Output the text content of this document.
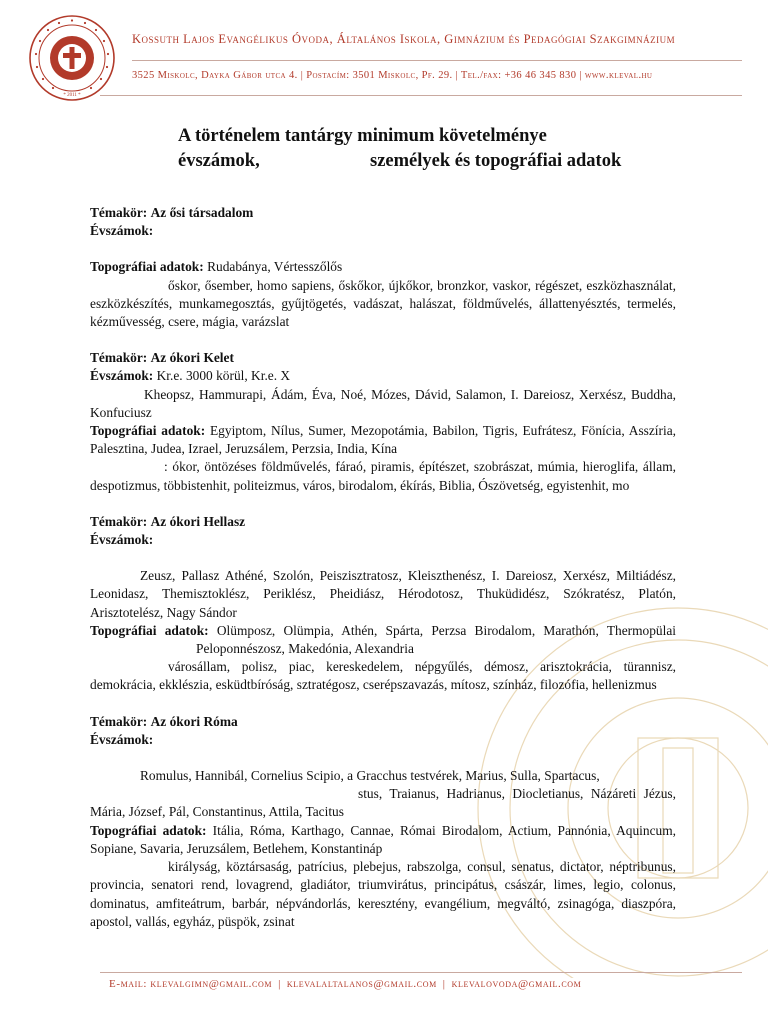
* 2011 *
Kossuth Lajos Evangélikus Óvoda, Általános Iskola, Gimnázium és Pedagógiai Szakgimnázium
3525 Miskolc, Dayka Gábor utca 4. | Postacím: 3501 Miskolc, Pf. 29. | Tel./fax: +36 46 345 830 | www.kleval.hu
A történelem tantárgy minimum követelménye
évszámok,	személyek és topográfiai adatok

Témakör: Az ősi társadalom

Évszámok:

Topográfiai adatok: Rudabánya, Vértesszőlős

őskor, ősember, homo sapiens, őskőkor, újkőkor, bronzkor, vaskor, régészet, eszközhasználat, eszközkészítés, munkamegosztás, gyűjtögetés, vadászat, halászat, földművelés, állattenyésztés, termelés, kézművesség, csere, mágia, varázslat

Témakör: Az ókori Kelet

Évszámok: Kr.e. 3000 körül, Kr.e. X

Kheopsz, Hammurapi, Ádám, Éva, Noé, Mózes, Dávid, Salamon, I. Dareiosz, Xerxész, Buddha, Konfuciusz

Topográfiai adatok: Egyiptom, Nílus, Sumer, Mezopotámia, Babilon, Tigris, Eufrátesz, Fönícia, Asszíria, Palesztina, Judea, Izrael, Jeruzsálem, Perzsia, India, Kína

: ókor, öntözéses földművelés, fáraó, piramis, építészet, szobrászat, múmia, hieroglifa, állam, despotizmus, többistenhit, politeizmus, város, birodalom, ékírás, Biblia, Ószövetség, egyistenhit, mo

Témakör: Az ókori Hellasz

Évszámok:

Zeusz, Pallasz Athéné, Szolón, Peiszisztratosz, Kleiszthenész, I. Dareiosz, Xerxész, Miltiádész, Leonidasz, Themisztoklész, Periklész, Pheidiász, Hérodotosz, Thuküdidész, Szókratész, Platón, Arisztotelész, Nagy Sándor

Topográfiai adatok: Olümposz, Olümpia, Athén, Spárta, Perzsa Birodalom, Marathón, ThermopülaiPeloponnészosz, Makedónia, Alexandria

városállam, polisz, piac, kereskedelem, népgyűlés, démosz, arisztokrácia, türannisz, demokrácia, ekklészia, esküdtbíróság, sztratégosz, cserépszavazás, mítosz, színház, filozófia, hellenizmus

Témakör: Az ókori Róma

Évszámok:

Romulus, Hannibál, Cornelius Scipio, a Gracchus testvérek, Marius, Sulla, Spartacus,

stus, Traianus, Hadrianus, Diocletianus, Názáreti Jézus, Mária, József, Pál, Constantinus, Attila, Tacitus

Topográfiai adatok: Itália, Róma, Karthago, Cannae, Római Birodalom, Actium, Pannónia, Aquincum, Sopiane, Savaria, Jeruzsálem, Betlehem, Konstantináp

királyság, köztársaság, patrícius, plebejus, rabszolga, consul, senatus, dictator, néptribunus, provincia, senatori rend, lovagrend, gladiátor, triumvirátus, principátus, császár, limes, legio, colonus, dominatus, amfiteátrum, barbár, népvándorlás, keresztény, evangélium, megváltó, zsinagóga, diaszpóra, apostol, vallás, egyház, püspök, zsinat

E-mail: klevalgimn@gmail.com | klevalaltalanos@gmail.com | klevalovoda@gmail.com
